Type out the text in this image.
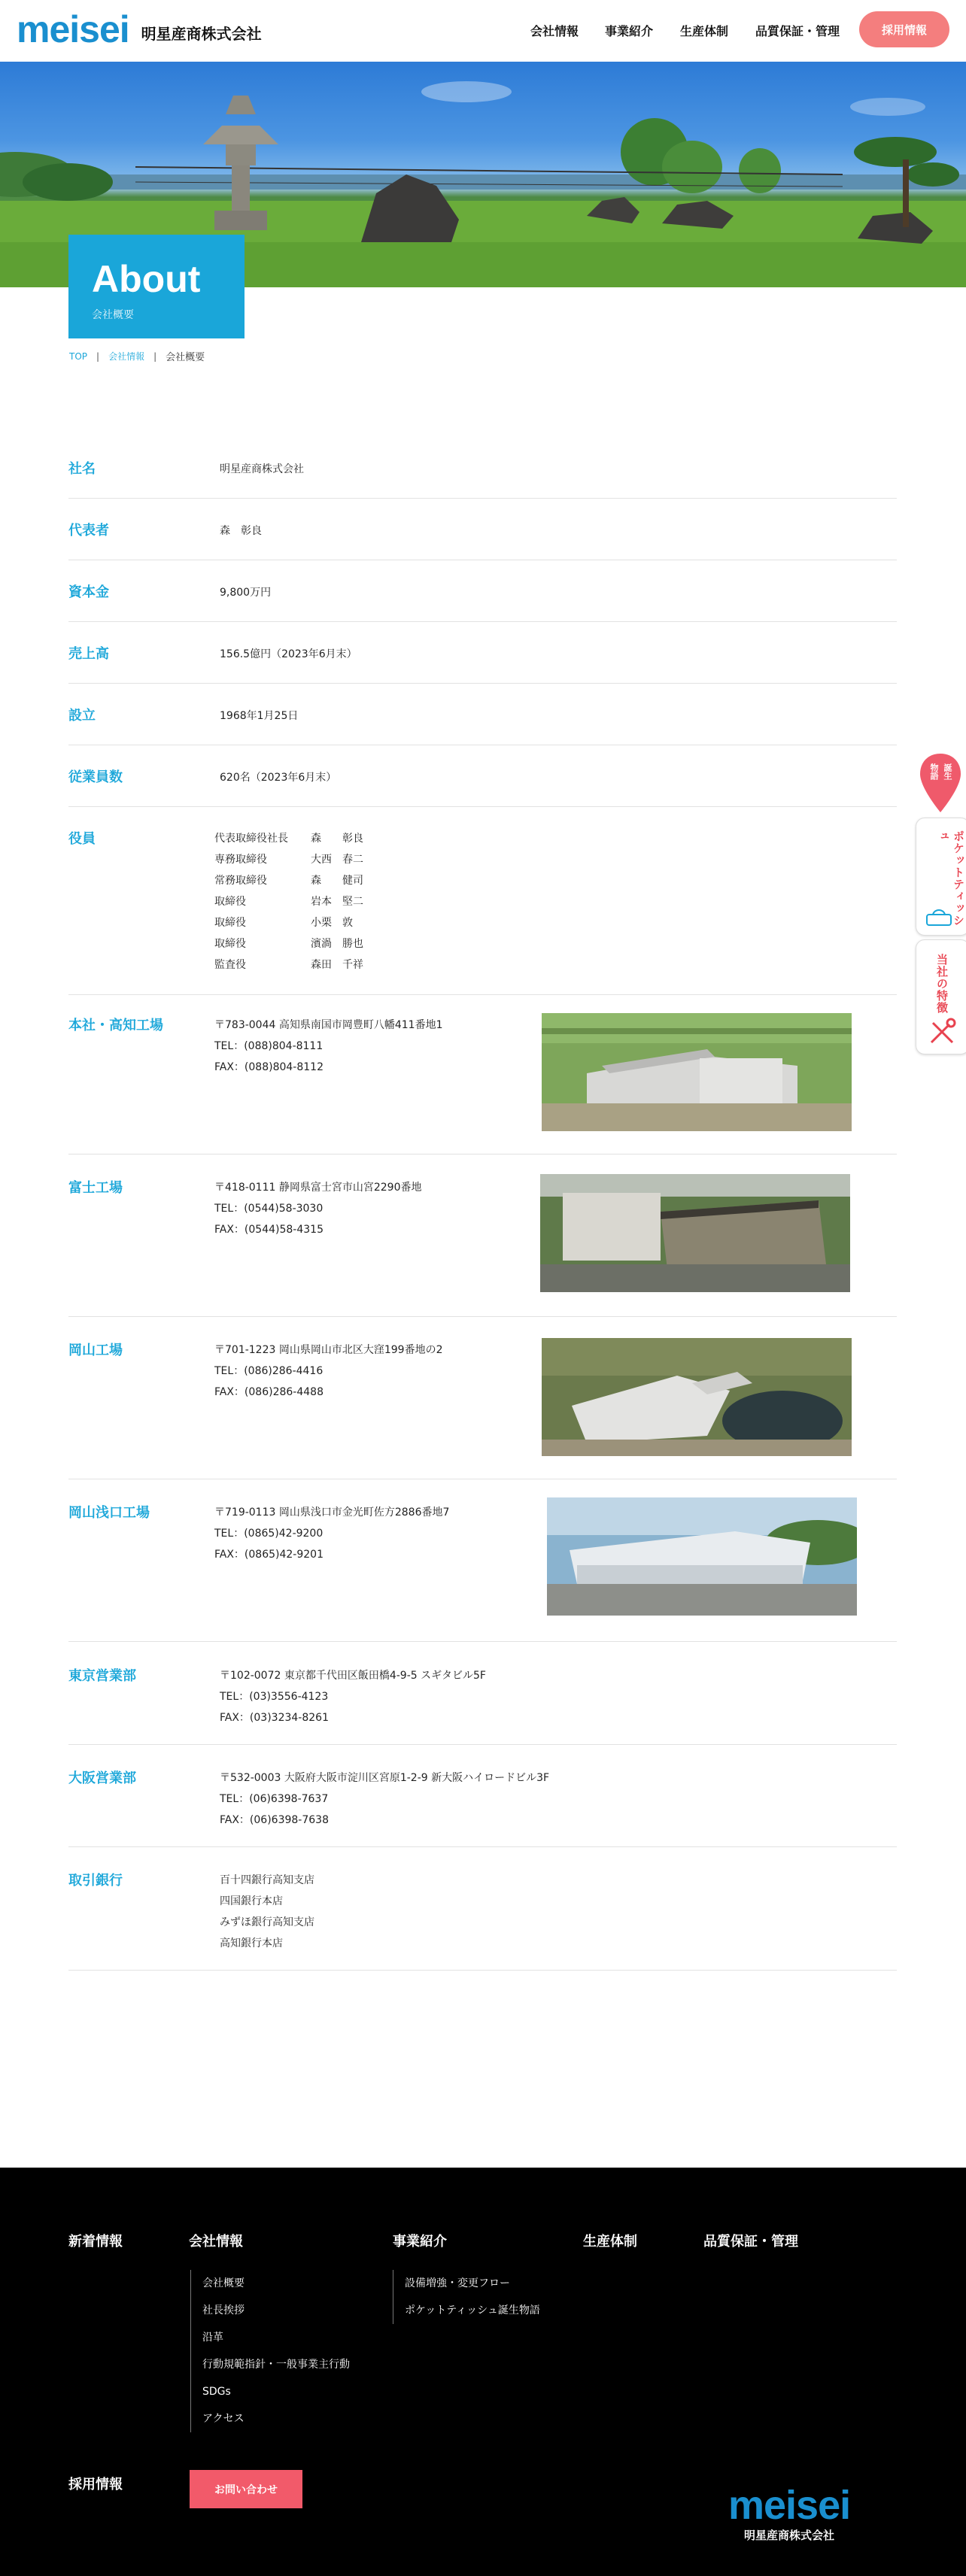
meisei 明星産商株式会社	会社情報 事業紹介 生産体制 品質保証・管理	採用情報
About
会社概要
TOP | 会社情報 | 会社概要
社名	明星産商株式会社
代表者	森　彰良
資本金	9,800万円
売上高	156.5億円（2023年6月末）
設立	1968年1月25日
従業員数	620名（2023年6月末）
役員	代表取締役社長	森　　彰良
専務取締役	大西　春二
常務取締役	森　　健司
取締役	岩本　堅二
取締役	小栗　敦
取締役	濱渦　勝也
監査役	森田　千祥
本社・高知工場	〒783-0044 高知県南国市岡豊町八幡411番地1
TEL：(088)804-8111
FAX：(088)804-8112
富士工場	〒418-0111 静岡県富士宮市山宮2290番地
TEL：(0544)58-3030
FAX：(0544)58-4315
岡山工場	〒701-1223 岡山県岡山市北区大窪199番地の2
TEL：(086)286-4416
FAX：(086)286-4488
岡山浅口工場	〒719-0113 岡山県浅口市金光町佐方2886番地7
TEL：(0865)42-9200
FAX：(0865)42-9201
東京営業部	〒102-0072 東京都千代田区飯田橋4-9-5 スギタビル5F
TEL：(03)3556-4123
FAX：(03)3234-8261
大阪営業部	〒532-0003 大阪府大阪市淀川区宮原1-2-9 新大阪ハイロードビル3F
TEL：(06)6398-7637
FAX：(06)6398-7638
取引銀行	百十四銀行高知支店
四国銀行本店
みずほ銀行高知支店
高知銀行本店
物語 誕生
ポケットティッシュ
当社の特徴
新着情報	会社情報
会社概要
社長挨拶
沿革
行動規範指針・一般事業主行動
SDGs
アクセス
事業紹介
設備増強・変更フロー
ポケットティッシュ誕生物語
生産体制	品質保証・管理
採用情報	お問い合わせ	meisei
明星産商株式会社
